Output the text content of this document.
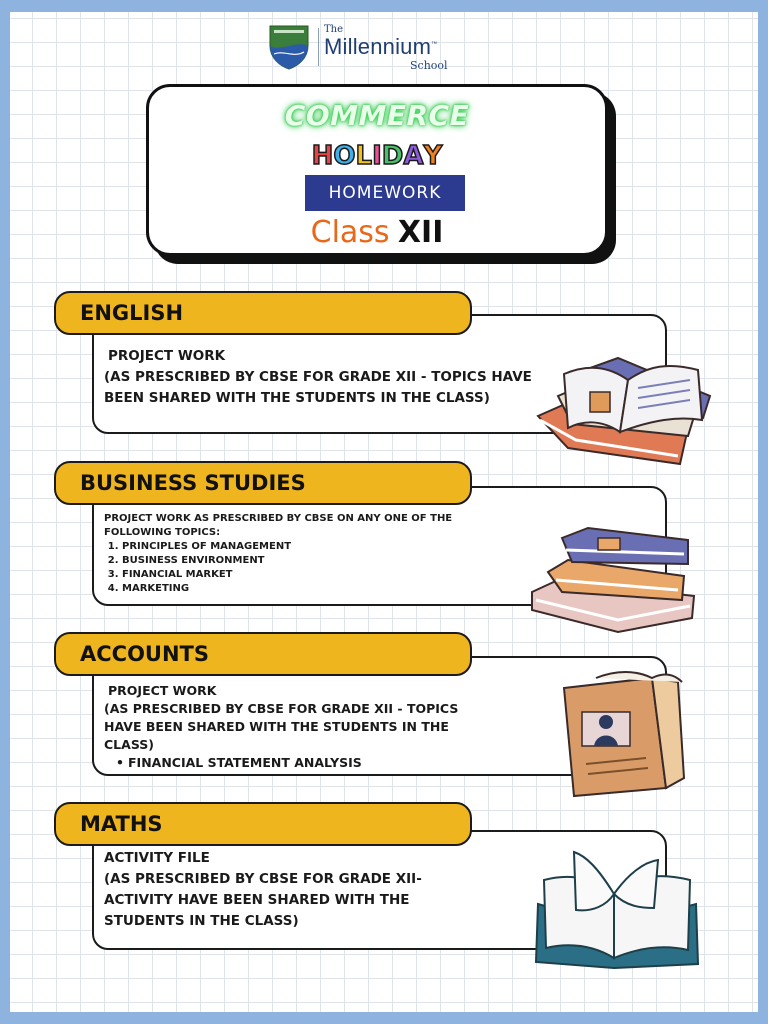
The
Millennium™
School
COMMERCE
HOLIDAY
HOMEWORK
Class XII
ENGLISH
PROJECT WORK
(AS PRESCRIBED BY CBSE FOR GRADE XII - TOPICS HAVE BEEN SHARED WITH THE STUDENTS IN THE CLASS)
BUSINESS STUDIES
PROJECT WORK AS PRESCRIBED BY CBSE ON ANY ONE OF THE FOLLOWING TOPICS:
1. PRINCIPLES OF MANAGEMENT
2. BUSINESS ENVIRONMENT
3. FINANCIAL MARKET
4. MARKETING
ACCOUNTS
PROJECT WORK
(AS PRESCRIBED BY CBSE FOR GRADE XII - TOPICS HAVE BEEN SHARED WITH THE STUDENTS IN THE CLASS)
• FINANCIAL STATEMENT ANALYSIS
MATHS
ACTIVITY FILE
(AS PRESCRIBED BY CBSE FOR GRADE XII- ACTIVITY HAVE BEEN SHARED WITH THE STUDENTS IN THE CLASS)
